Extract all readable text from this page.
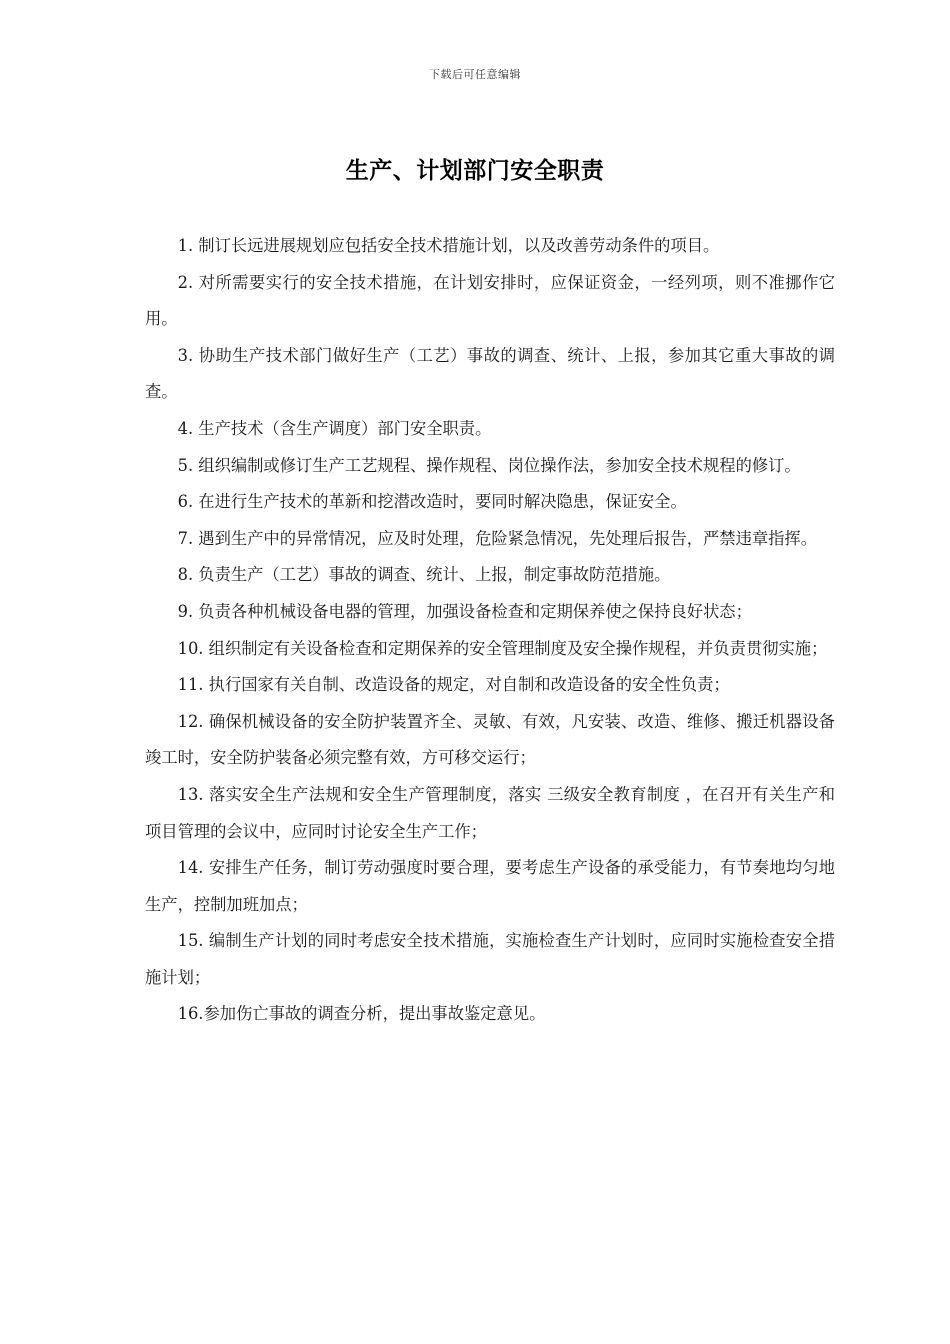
下载后可任意编辑
生产、计划部门安全职责

1. 制订长远进展规划应包括安全技术措施计划，以及改善劳动条件的项目。

2. 对所需要实行的安全技术措施，在计划安排时，应保证资金，一经列项，则不准挪作它用。

3. 协助生产技术部门做好生产（工艺）事故的调查、统计、上报，参加其它重大事故的调查。

4. 生产技术（含生产调度）部门安全职责。

5. 组织编制或修订生产工艺规程、操作规程、岗位操作法，参加安全技术规程的修订。

6. 在进行生产技术的革新和挖潜改造时，要同时解决隐患，保证安全。

7. 遇到生产中的异常情况，应及时处理，危险紧急情况，先处理后报告，严禁违章指挥。

8. 负责生产（工艺）事故的调查、统计、上报，制定事故防范措施。

9. 负责各种机械设备电器的管理，加强设备检查和定期保养使之保持良好状态；

10. 组织制定有关设备检查和定期保养的安全管理制度及安全操作规程，并负责贯彻实施；

11. 执行国家有关自制、改造设备的规定，对自制和改造设备的安全性负责；

12. 确保机械设备的安全防护装置齐全、灵敏、有效，凡安装、改造、维修、搬迁机器设备竣工时，安全防护装备必须完整有效，方可移交运行；

13. 落实安全生产法规和安全生产管理制度，落实 三级安全教育制度 ，在召开有关生产和项目管理的会议中，应同时讨论安全生产工作；

14. 安排生产任务，制订劳动强度时要合理，要考虑生产设备的承受能力，有节奏地均匀地生产，控制加班加点；

15. 编制生产计划的同时考虑安全技术措施，实施检查生产计划时，应同时实施检查安全措施计划；

16.参加伤亡事故的调查分析，提出事故鉴定意见。
